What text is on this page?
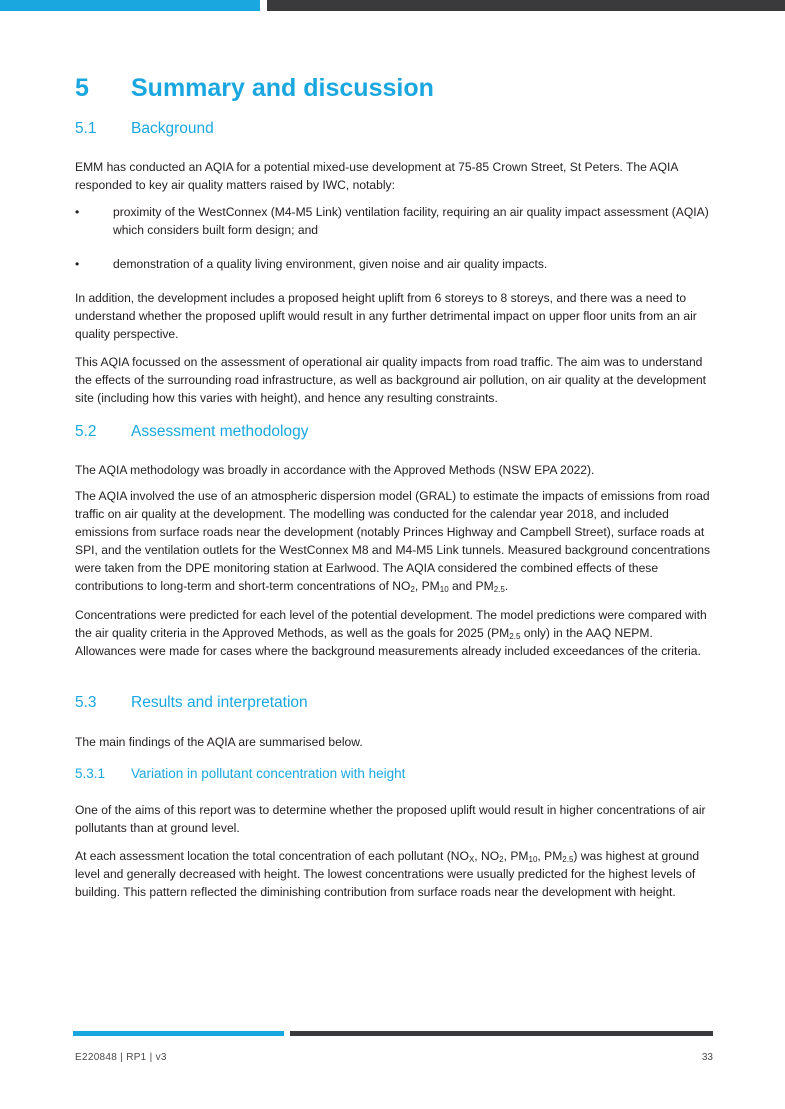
5 Summary and discussion
5.1 Background

EMM has conducted an AQIA for a potential mixed-use development at 75-85 Crown Street, St Peters. The AQIA responded to key air quality matters raised by IWC, notably:

•	proximity of the WestConnex (M4-M5 Link) ventilation facility, requiring an air quality impact assessment (AQIA) which considers built form design; and
•	demonstration of a quality living environment, given noise and air quality impacts.

In addition, the development includes a proposed height uplift from 6 storeys to 8 storeys, and there was a need to understand whether the proposed uplift would result in any further detrimental impact on upper floor units from an air quality perspective.

This AQIA focussed on the assessment of operational air quality impacts from road traffic. The aim was to understand the effects of the surrounding road infrastructure, as well as background air pollution, on air quality at the development site (including how this varies with height), and hence any resulting constraints.

5.2 Assessment methodology

The AQIA methodology was broadly in accordance with the Approved Methods (NSW EPA 2022).

The AQIA involved the use of an atmospheric dispersion model (GRAL) to estimate the impacts of emissions from road traffic on air quality at the development. The modelling was conducted for the calendar year 2018, and included emissions from surface roads near the development (notably Princes Highway and Campbell Street), surface roads at SPI, and the ventilation outlets for the WestConnex M8 and M4-M5 Link tunnels. Measured background concentrations were taken from the DPE monitoring station at Earlwood. The AQIA considered the combined effects of these contributions to long-term and short-term concentrations of $NO_2$, $PM_{10}$ and $PM_{2.5}$.

Concentrations were predicted for each level of the potential development. The model predictions were compared with the air quality criteria in the Approved Methods, as well as the goals for 2025 ($PM_{2.5}$ only) in the AAQ NEPM. Allowances were made for cases where the background measurements already included exceedances of the criteria.

5.3 Results and interpretation

The main findings of the AQIA are summarised below.

5.3.1 Variation in pollutant concentration with height

One of the aims of this report was to determine whether the proposed uplift would result in higher concentrations of air pollutants than at ground level.

At each assessment location the total concentration of each pollutant ($NO_X$, $NO_2$, $PM_{10}$, $PM_{2.5}$) was highest at ground level and generally decreased with height. The lowest concentrations were usually predicted for the highest levels of building. This pattern reflected the diminishing contribution from surface roads near the development with height.

E220848 | RP1 | v3	33
